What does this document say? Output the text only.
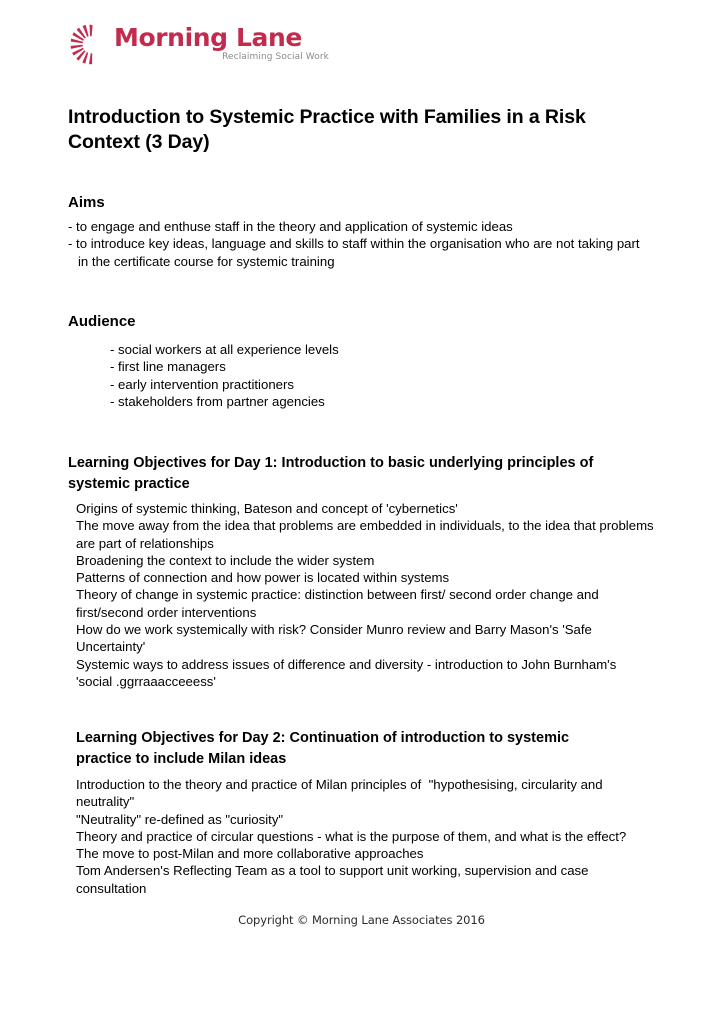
Morning Lane
Reclaiming Social Work
Introduction to Systemic Practice with Families in a Risk Context (3 Day)
Aims

- to engage and enthuse staff in the theory and application of systemic ideas

- to introduce key ideas, language and skills to staff within the organisation who are not taking part in the certificate course for systemic training

Audience

- social workers at all experience levels

- first line managers

- early intervention practitioners

- stakeholders from partner agencies

Learning Objectives for Day 1: Introduction to basic underlying principles of systemic practice

Origins of systemic thinking, Bateson and concept of 'cybernetics'

The move away from the idea that problems are embedded in individuals, to the idea that problems are part of relationships

Broadening the context to include the wider system

Patterns of connection and how power is located within systems

Theory of change in systemic practice: distinction between first/ second order change and first/second order interventions

How do we work systemically with risk? Consider Munro review and Barry Mason's 'Safe Uncertainty'

Systemic ways to address issues of difference and diversity - introduction to John Burnham's 'social .ggrraaacceeess'

Learning Objectives for Day 2: Continuation of introduction to systemic practice to include Milan ideas

Introduction to the theory and practice of Milan principles of  "hypothesising, circularity and neutrality"

"Neutrality" re-defined as "curiosity"

Theory and practice of circular questions - what is the purpose of them, and what is the effect?

The move to post-Milan and more collaborative approaches

Tom Andersen's Reflecting Team as a tool to support unit working, supervision and case consultation

Copyright © Morning Lane Associates 2016
